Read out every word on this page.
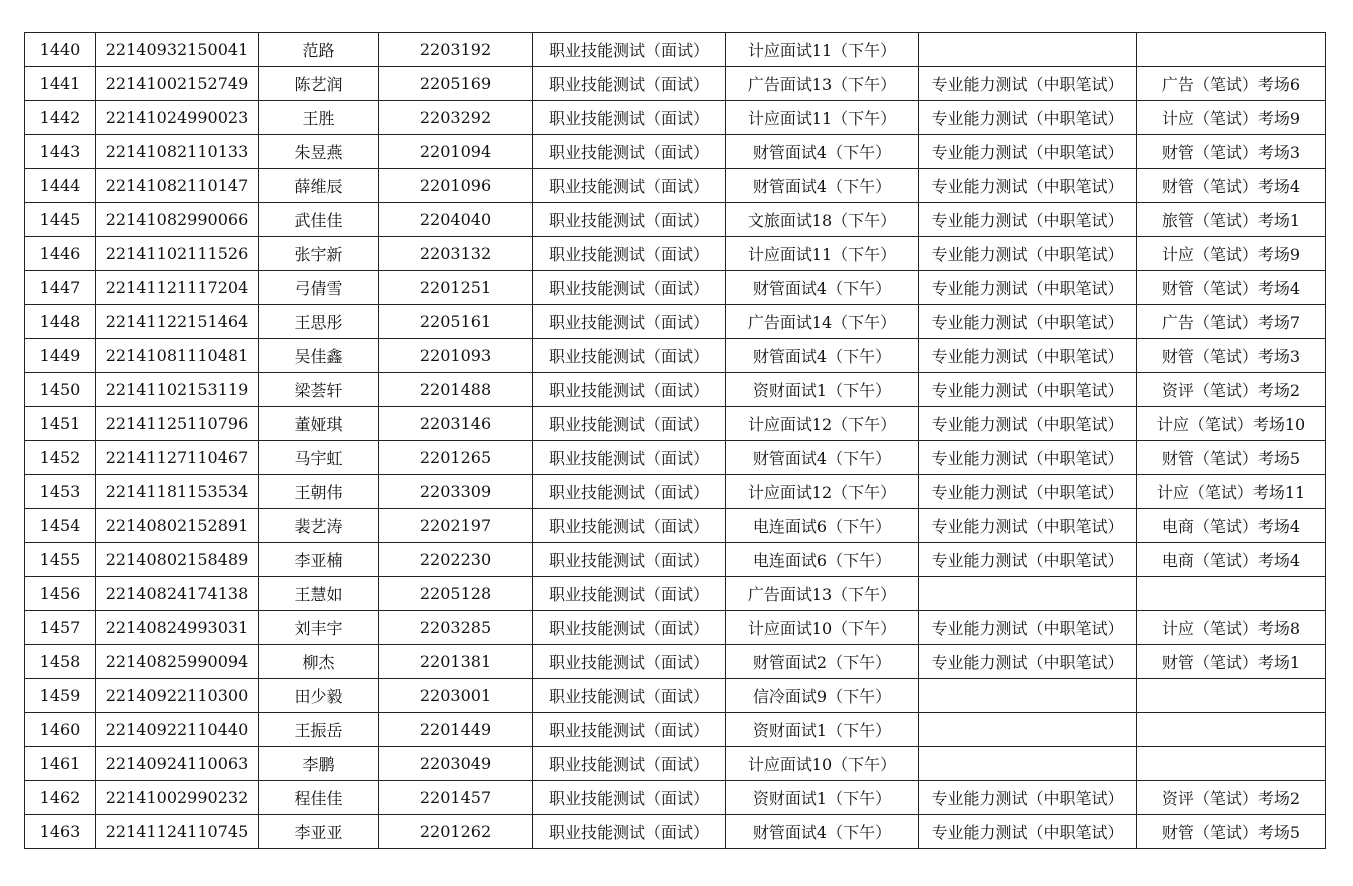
1440	22140932150041	范路	2203192	职业技能测试（面试）	计应面试11（下午）		
1441	22141002152749	陈艺润	2205169	职业技能测试（面试）	广告面试13（下午）	专业能力测试（中职笔试）	广告（笔试）考场6
1442	22141024990023	王胜	2203292	职业技能测试（面试）	计应面试11（下午）	专业能力测试（中职笔试）	计应（笔试）考场9
1443	22141082110133	朱昱燕	2201094	职业技能测试（面试）	财管面试4（下午）	专业能力测试（中职笔试）	财管（笔试）考场3
1444	22141082110147	薛维辰	2201096	职业技能测试（面试）	财管面试4（下午）	专业能力测试（中职笔试）	财管（笔试）考场4
1445	22141082990066	武佳佳	2204040	职业技能测试（面试）	文旅面试18（下午）	专业能力测试（中职笔试）	旅管（笔试）考场1
1446	22141102111526	张宇新	2203132	职业技能测试（面试）	计应面试11（下午）	专业能力测试（中职笔试）	计应（笔试）考场9
1447	22141121117204	弓倩雪	2201251	职业技能测试（面试）	财管面试4（下午）	专业能力测试（中职笔试）	财管（笔试）考场4
1448	22141122151464	王思彤	2205161	职业技能测试（面试）	广告面试14（下午）	专业能力测试（中职笔试）	广告（笔试）考场7
1449	22141081110481	吴佳鑫	2201093	职业技能测试（面试）	财管面试4（下午）	专业能力测试（中职笔试）	财管（笔试）考场3
1450	22141102153119	梁荟轩	2201488	职业技能测试（面试）	资财面试1（下午）	专业能力测试（中职笔试）	资评（笔试）考场2
1451	22141125110796	董娅琪	2203146	职业技能测试（面试）	计应面试12（下午）	专业能力测试（中职笔试）	计应（笔试）考场10
1452	22141127110467	马宇虹	2201265	职业技能测试（面试）	财管面试4（下午）	专业能力测试（中职笔试）	财管（笔试）考场5
1453	22141181153534	王朝伟	2203309	职业技能测试（面试）	计应面试12（下午）	专业能力测试（中职笔试）	计应（笔试）考场11
1454	22140802152891	裴艺涛	2202197	职业技能测试（面试）	电连面试6（下午）	专业能力测试（中职笔试）	电商（笔试）考场4
1455	22140802158489	李亚楠	2202230	职业技能测试（面试）	电连面试6（下午）	专业能力测试（中职笔试）	电商（笔试）考场4
1456	22140824174138	王慧如	2205128	职业技能测试（面试）	广告面试13（下午）		
1457	22140824993031	刘丰宇	2203285	职业技能测试（面试）	计应面试10（下午）	专业能力测试（中职笔试）	计应（笔试）考场8
1458	22140825990094	柳杰	2201381	职业技能测试（面试）	财管面试2（下午）	专业能力测试（中职笔试）	财管（笔试）考场1
1459	22140922110300	田少毅	2203001	职业技能测试（面试）	信冷面试9（下午）		
1460	22140922110440	王振岳	2201449	职业技能测试（面试）	资财面试1（下午）		
1461	22140924110063	李鹏	2203049	职业技能测试（面试）	计应面试10（下午）		
1462	22141002990232	程佳佳	2201457	职业技能测试（面试）	资财面试1（下午）	专业能力测试（中职笔试）	资评（笔试）考场2
1463	22141124110745	李亚亚	2201262	职业技能测试（面试）	财管面试4（下午）	专业能力测试（中职笔试）	财管（笔试）考场5
